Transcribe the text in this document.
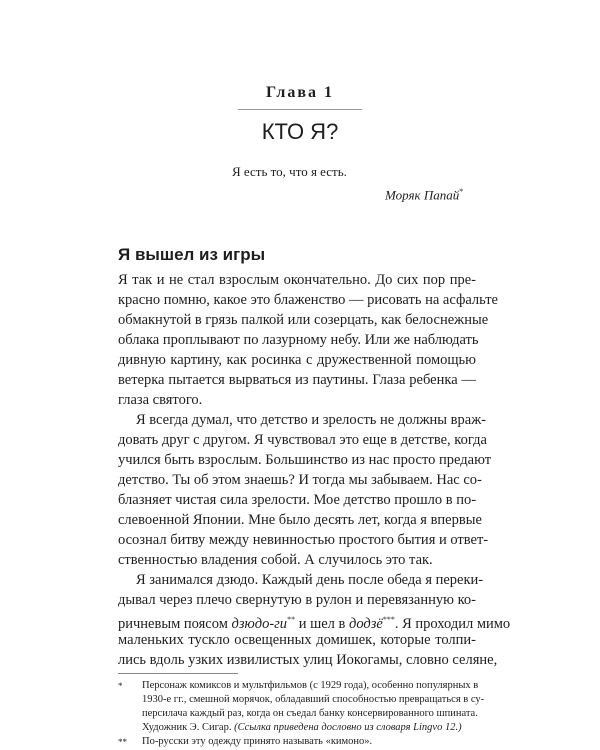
Глава 1
КТО Я?
Я есть то, что я есть.
Моряк Папай*
Я вышел из игры
Я так и не стал взрослым окончательно. До сих пор пре-
красно помню, какое это блаженство — рисовать на асфальте
обмакнутой в грязь палкой или созерцать, как белоснежные
облака проплывают по лазурному небу. Или же наблюдать
дивную картину, как росинка с дружественной помощью
ветерка пытается вырваться из паутины. Глаза ребенка —
глаза святого.
Я всегда думал, что детство и зрелость не должны враж-
довать друг с другом. Я чувствовал это еще в детстве, когда
учился быть взрослым. Большинство из нас просто предают
детство. Ты об этом знаешь? И тогда мы забываем. Нас со-
блазняет чистая сила зрелости. Мое детство прошло в по-
слевоенной Японии. Мне было десять лет, когда я впервые
осознал битву между невинностью простого бытия и ответ-
ственностью владения собой. А случилось это так.
Я занимался дзюдо. Каждый день после обеда я переки-
дывал через плечо свернутую в рулон и перевязанную ко-
ричневым поясом дзюдо-ги** и шел в додзё***. Я проходил мимо
маленьких тускло освещенных домишек, которые толпи-
лись вдоль узких извилистых улиц Иокогамы, словно селяне,
* Персонаж комиксов и мультфильмов (с 1929 года), особенно популярных в
1930-е гг., смешной морячок, обладавший способностью превращаться в су-
персилача каждый раз, когда он съедал банку консервированного шпината.
Художник Э. Сигар. (Ссылка приведена дословно из словаря Lingvo 12.)
** По-русски эту одежду принято называть «кимоно».
